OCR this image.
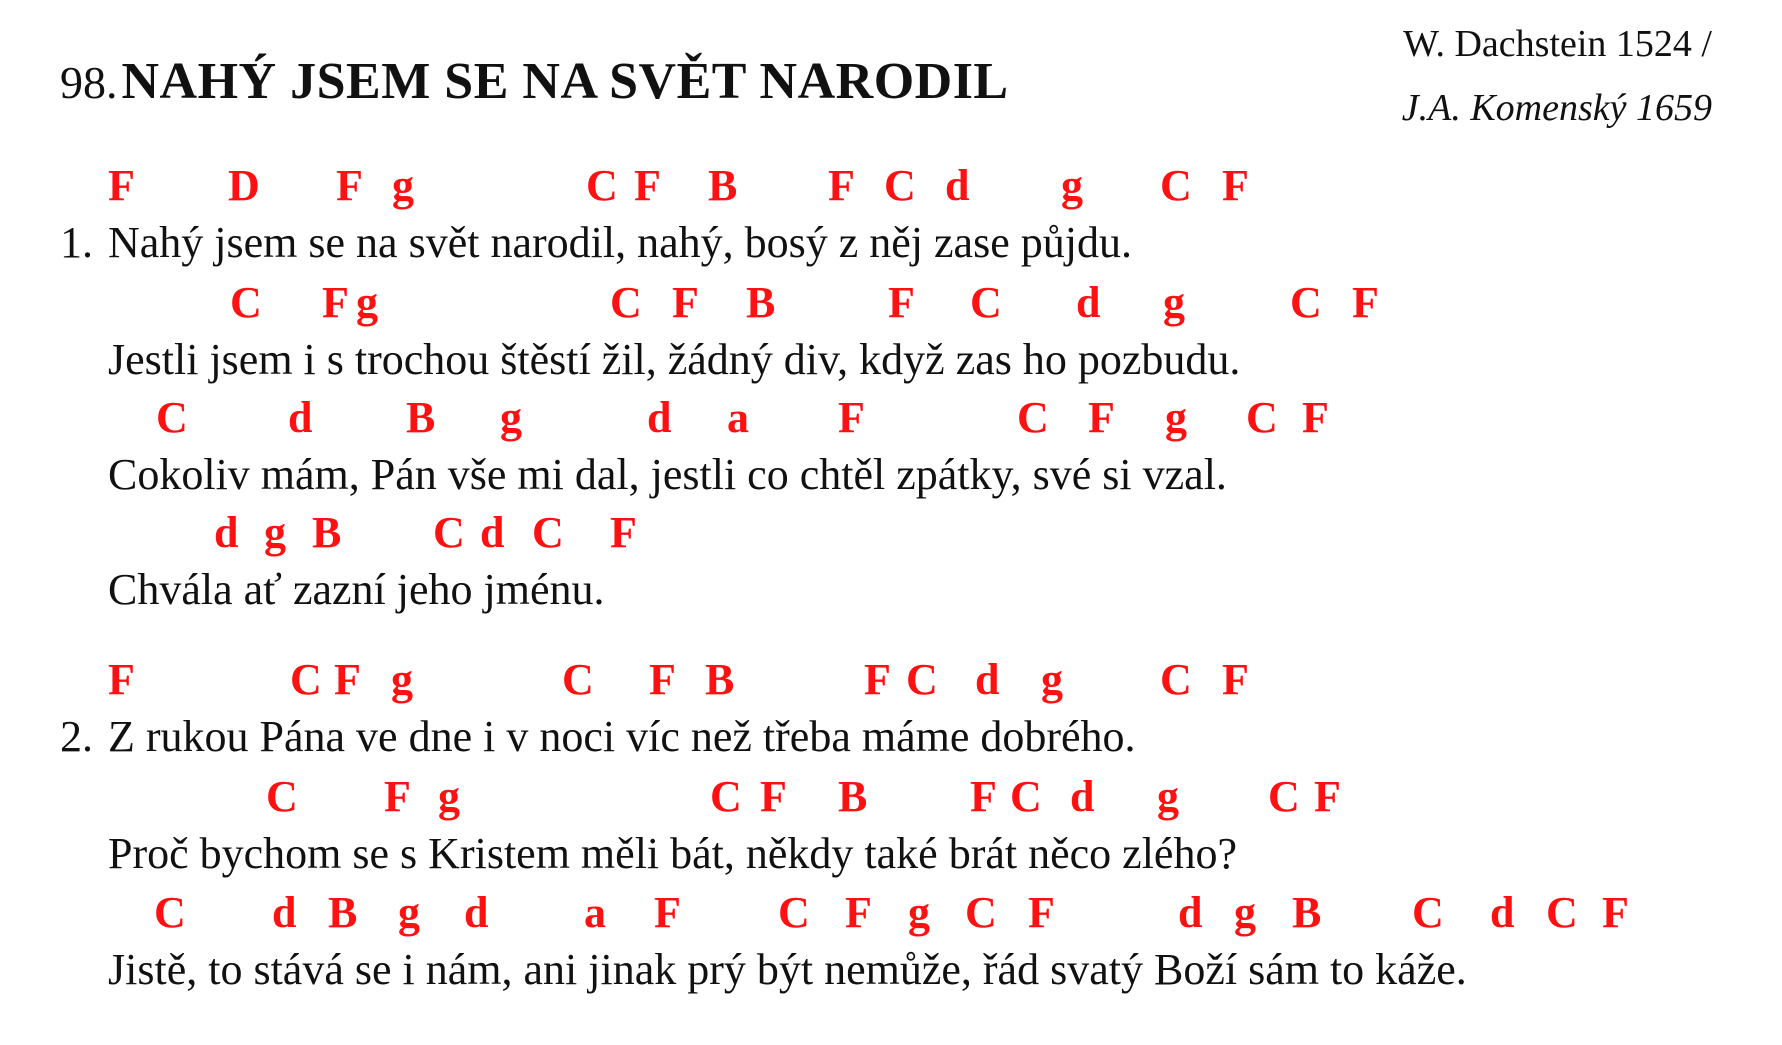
98. NAHÝ JSEM SE NA SVĚT NARODIL
W. Dachstein 1524 /
J.A. Komenský 1659
1.
2.
F D F g	C F B F C d g C F
Nahý jsem se na svět narodil, nahý, bosý z něj zase půjdu.
C F g	C F B	F C d g C F
Jestli jsem i s trochou štěstí žil, žádný div, když zas ho pozbudu.
C d B g	d a F	C F g C F
Cokoliv mám, Pán vše mi dal, jestli co chtěl zpátky, své si vzal.
d g B C d C F
Chvála ať zazní jeho jménu.
F	C F g	C F B	F C d g C F
Z rukou Pána ve dne i v noci víc než třeba máme dobrého.
C F g	C F B F C d g C F
Proč bychom se s Kristem měli bát, někdy také brát něco zlého?
C d B g d a F C F g C F	d g B C d C F
Jistě, to stává se i nám, ani jinak prý být nemůže, řád svatý Boží sám to káže.
